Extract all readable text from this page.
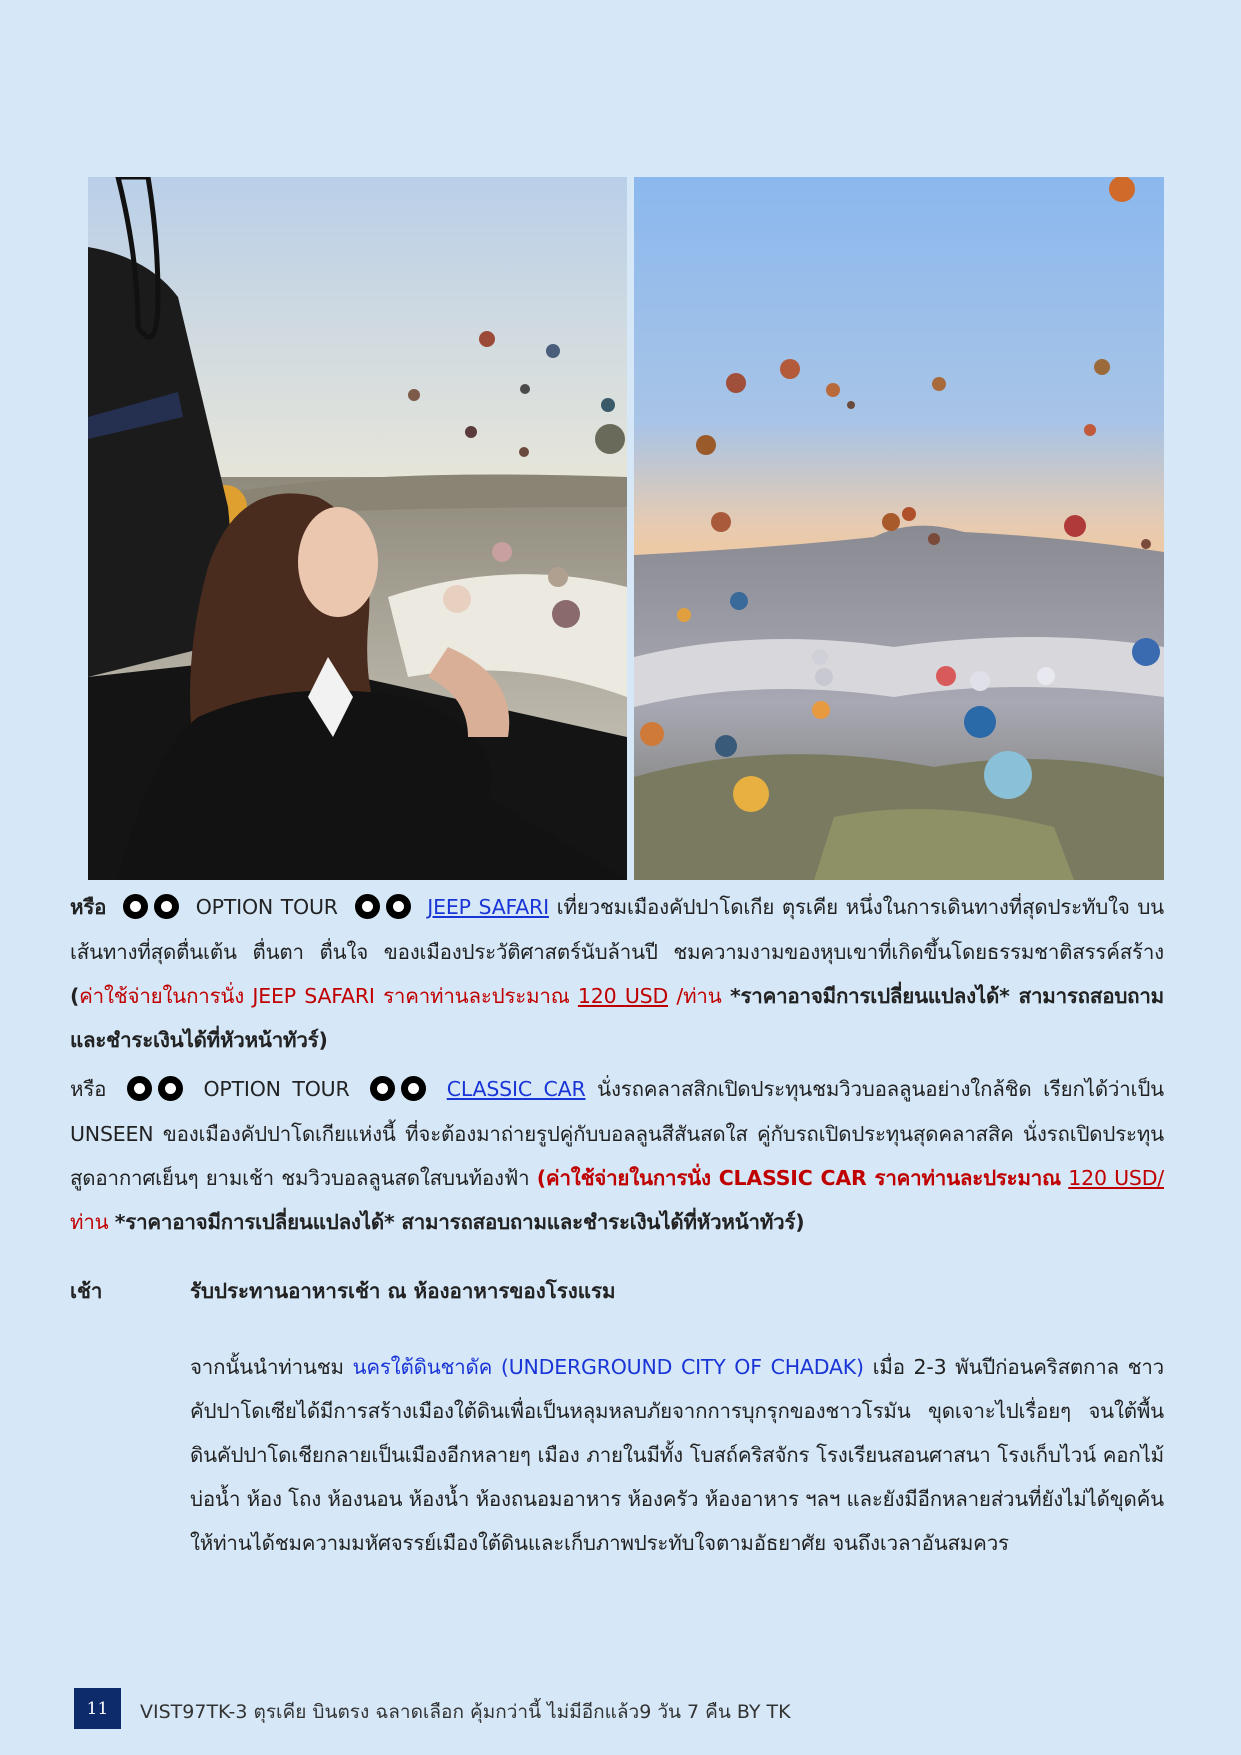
หรือ	OPTION TOUR	JEEP SAFARI เที่ยวชมเมืองคัปปาโดเกีย ตุรเคีย หนึ่งในการเดินทางที่สุดประทับใจ บนเส้นทางที่สุดตื่นเต้น ตื่นตา ตื่นใจ ของเมืองประวัติศาสตร์นับล้านปี ชมความงามของหุบเขาที่เกิดขึ้นโดยธรรมชาติสรรค์สร้าง (ค่าใช้จ่ายในการนั่ง JEEP SAFARI ราคาท่านละประมาณ 120 USD /ท่าน *ราคาอาจมีการเปลี่ยนแปลงได้* สามารถสอบถามและชำระเงินได้ที่หัวหน้าทัวร์)
หรือ	OPTION TOUR	CLASSIC CAR นั่งรถคลาสสิกเปิดประทุนชมวิวบอลลูนอย่างใกล้ชิด เรียกได้ว่าเป็น UNSEEN ของเมืองคัปปาโดเกียแห่งนี้ ที่จะต้องมาถ่ายรูปคู่กับบอลลูนสีสันสดใส คู่กับรถเปิดประทุนสุดคลาสสิค นั่งรถเปิดประทุนสูดอากาศเย็นๆ ยามเช้า ชมวิวบอลลูนสดใสบนท้องฟ้า (ค่าใช้จ่ายในการนั่ง CLASSIC CAR ราคาท่านละประมาณ 120 USD/ท่าน *ราคาอาจมีการเปลี่ยนแปลงได้* สามารถสอบถามและชำระเงินได้ที่หัวหน้าทัวร์)
เช้า	รับประทานอาหารเช้า ณ ห้องอาหารของโรงแรม
จากนั้นนำท่านชม นครใต้ดินชาดัค (UNDERGROUND CITY OF CHADAK) เมื่อ 2-3 พันปีก่อนคริสตกาล ชาวคัปปาโดเซียได้มีการสร้างเมืองใต้ดินเพื่อเป็นหลุมหลบภัยจากการบุกรุกของชาวโรมัน ขุดเจาะไปเรื่อยๆ จนใต้พื้นดินคัปปาโดเชียกลายเป็นเมืองอีกหลายๆ เมือง ภายในมีทั้ง โบสถ์คริสจักร โรงเรียนสอนศาสนา โรงเก็บไวน์ คอกไม้ บ่อน้ำ ห้อง โถง ห้องนอน ห้องน้ำ ห้องถนอมอาหาร ห้องครัว ห้องอาหาร ฯลฯ และยังมีอีกหลายส่วนที่ยังไม่ได้ขุดค้น ให้ท่านได้ชมความมหัศจรรย์เมืองใต้ดินและเก็บภาพประทับใจตามอัธยาศัย จนถึงเวลาอันสมควร
11	VIST97TK-3 ตุรเคีย บินตรง ฉลาดเลือก คุ้มกว่านี้ ไม่มีอีกแล้ว9 วัน 7 คืน BY TK
